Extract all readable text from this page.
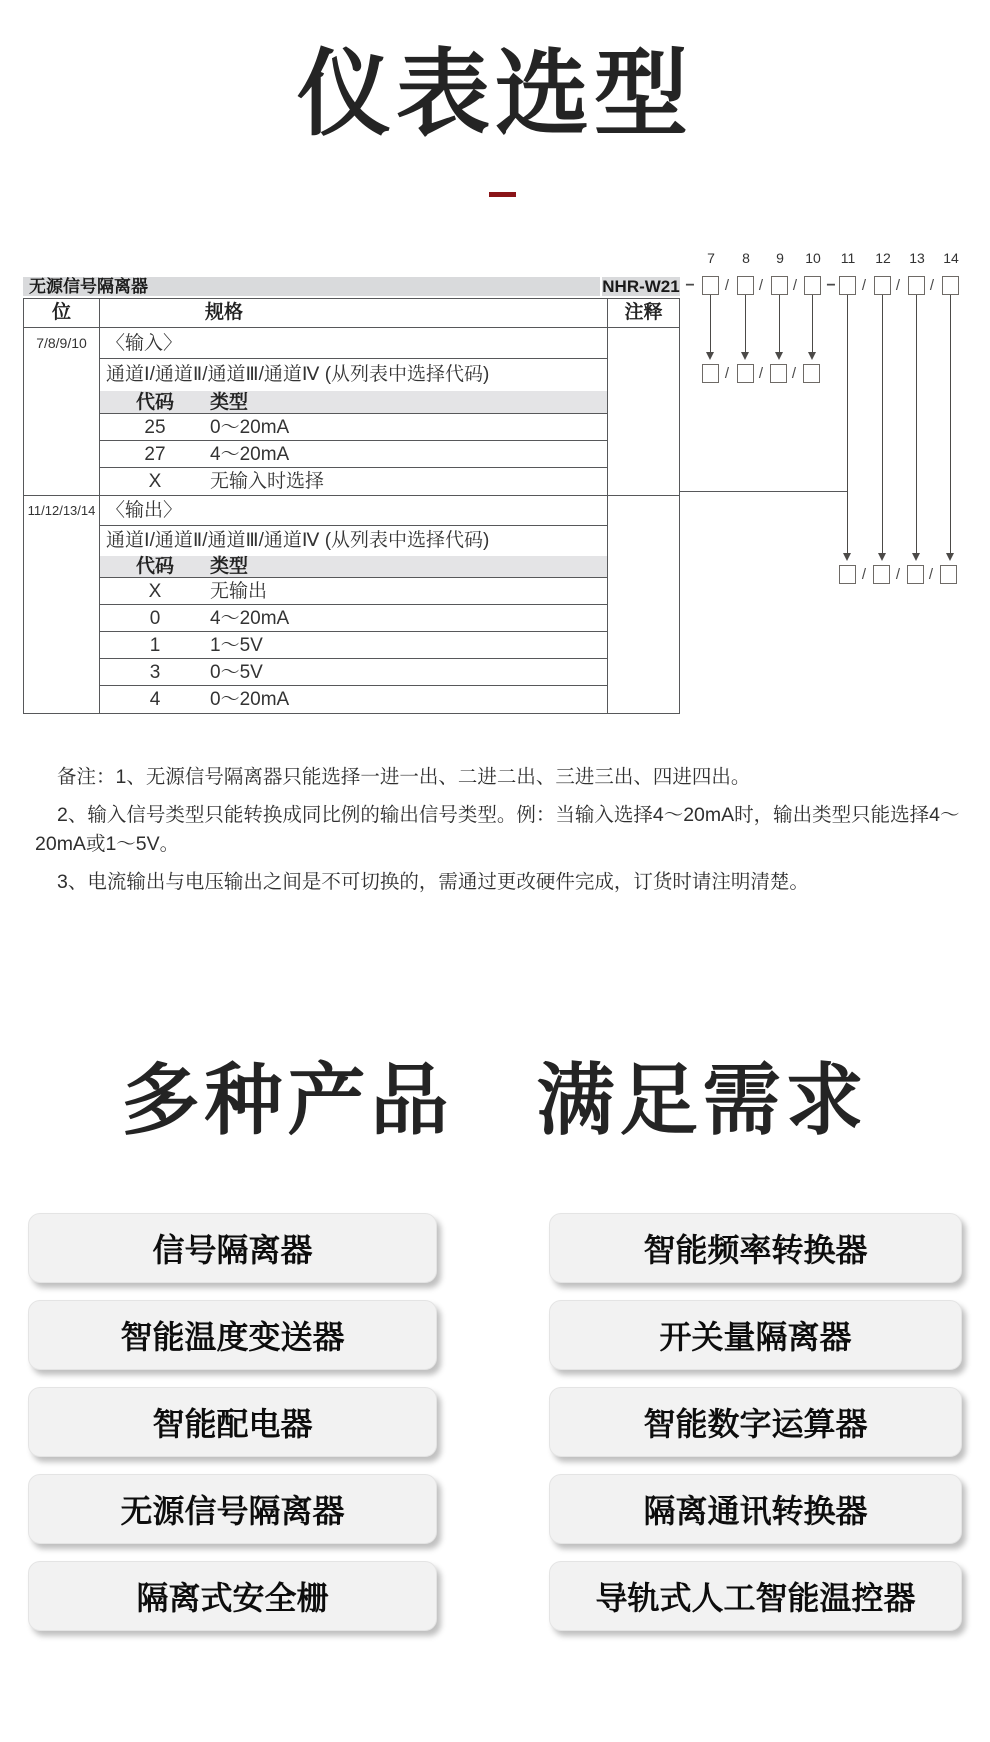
仪表选型
无源信号隔离器	NHR-W21
位	规格	注释
7/8/9/10	〈输入〉
通道Ⅰ/通道Ⅱ/通道Ⅲ/通道Ⅳ (从列表中选择代码)
代码	类型
25	0～20mA
27	4～20mA
X	无输入时选择
11/12/13/14 〈输出〉
通道Ⅰ/通道Ⅱ/通道Ⅲ/通道Ⅳ (从列表中选择代码)
代码	类型
X	无输出
0	4～20mA
1	1～5V
3	0～5V
4	0～20mA
7	8	9	10	11	12	13	14
− / / / − / / /
/ / /
/ / /

备注：1、无源信号隔离器只能选择一进一出、二进二出、三进三出、四进四出。

2、输入信号类型只能转换成同比例的输出信号类型。例：当输入选择4～20mA时，输出类型只能选择4～20mA或1～5V。

3、电流输出与电压输出之间是不可切换的，需通过更改硬件完成，订货时请注明清楚。

多种产品　满足需求
信号隔离器
智能温度变送器
智能配电器
无源信号隔离器
隔离式安全栅
智能频率转换器
开关量隔离器
智能数字运算器
隔离通讯转换器
导轨式人工智能温控器
